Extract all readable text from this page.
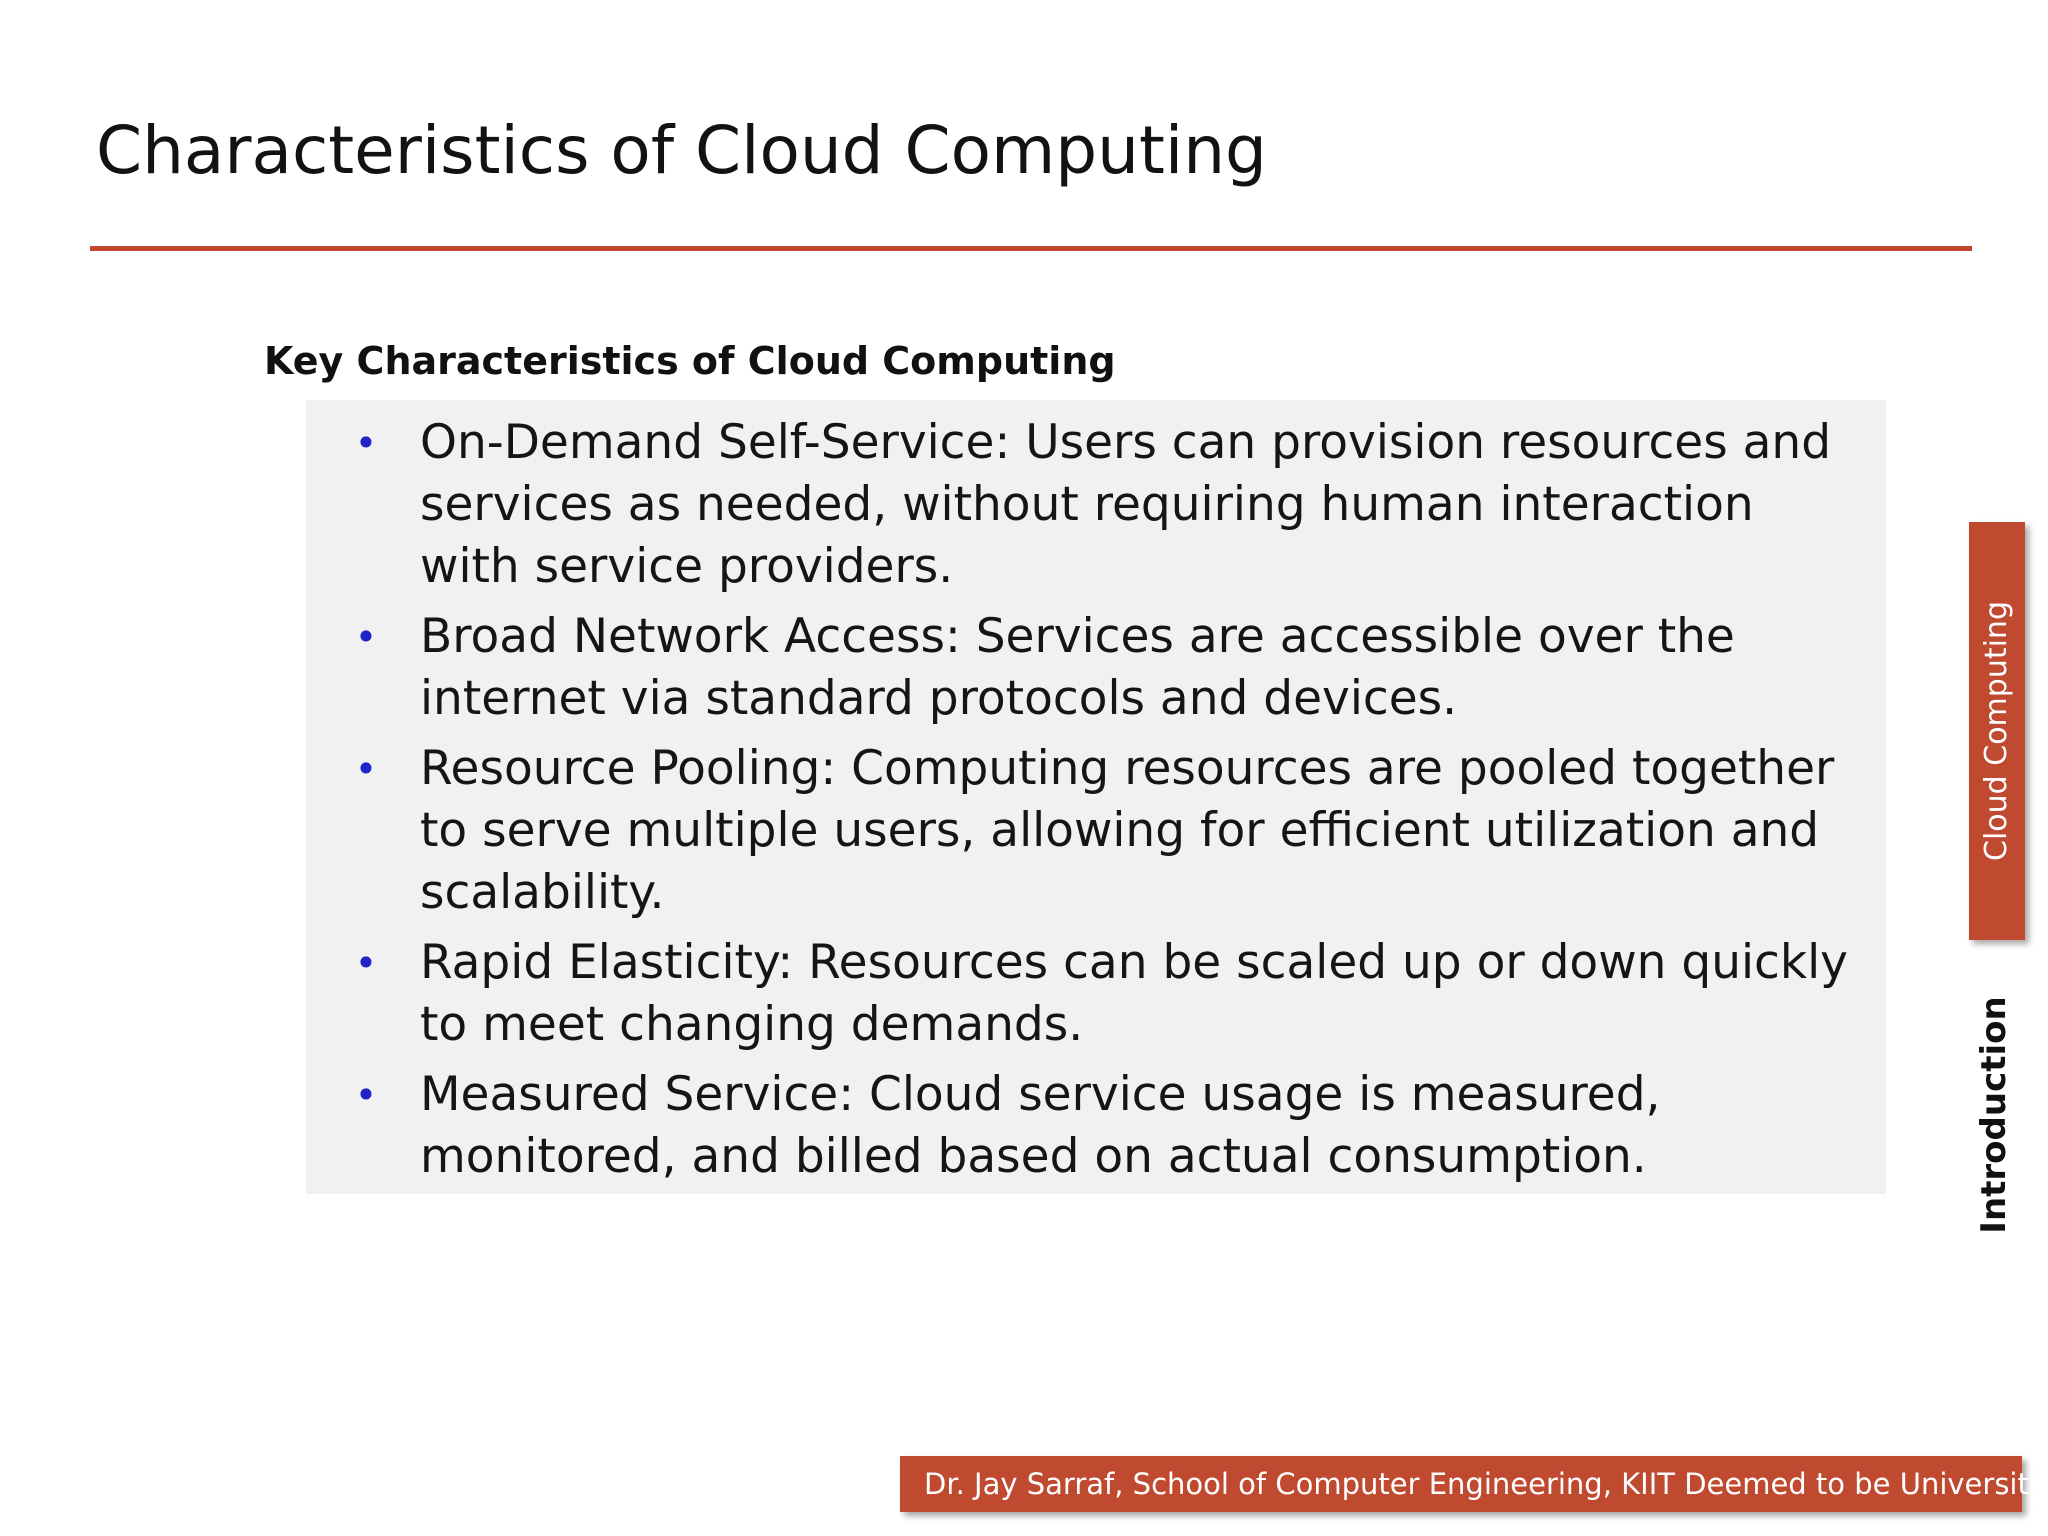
Characteristics of Cloud Computing
Key Characteristics of Cloud Computing
• On-Demand Self-Service: Users can provision resources and services as needed, without requiring human interaction with service providers.
• Broad Network Access: Services are accessible over the internet via standard protocols and devices.
• Resource Pooling: Computing resources are pooled together to serve multiple users, allowing for efficient utilization and scalability.
• Rapid Elasticity: Resources can be scaled up or down quickly to meet changing demands.
• Measured Service: Cloud service usage is measured, monitored, and billed based on actual consumption.
Cloud Computing
Introduction
Dr. Jay Sarraf, School of Computer Engineering, KIIT Deemed to be University
